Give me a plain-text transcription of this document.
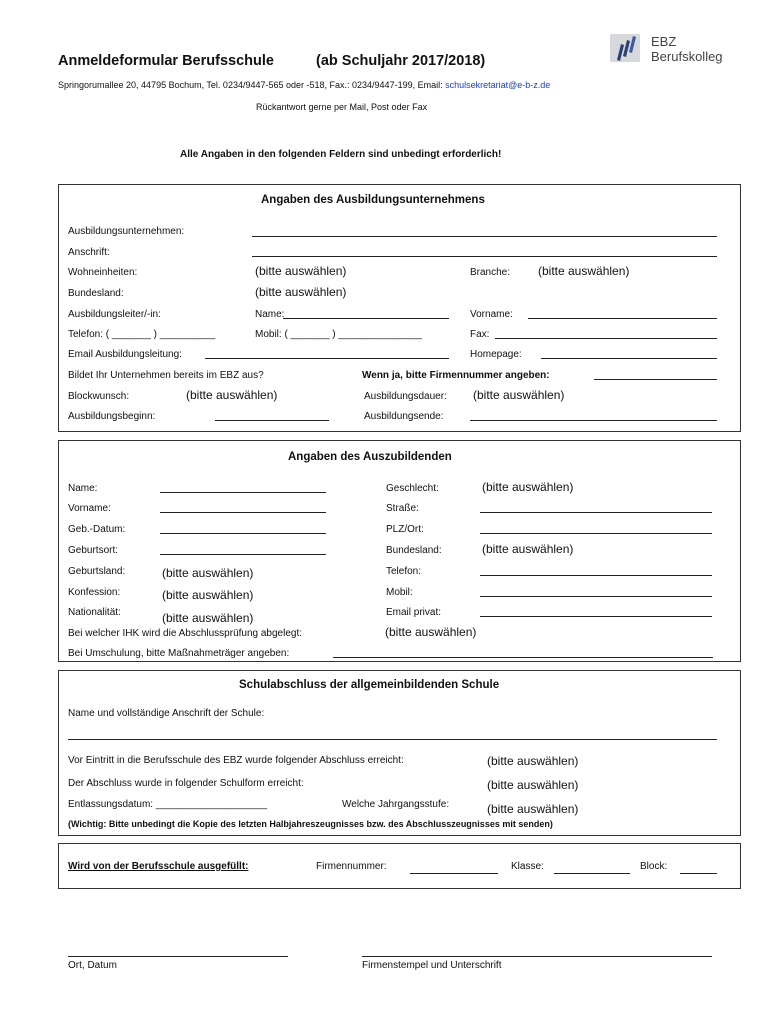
Anmeldeformular Berufsschule	(ab Schuljahr 2017/2018)
EBZ
Berufskolleg
Springorumallee 20, 44795 Bochum, Tel. 0234/9447-565 oder -518, Fax.: 0234/9447-199, Email: schulsekretariat@e-b-z.de
Rückantwort gerne per Mail, Post oder Fax
Alle Angaben in den folgenden Feldern sind unbedingt erforderlich!
Angaben des Ausbildungsunternehmens
Ausbildungsunternehmen:
Anschrift:
Wohneinheiten:	(bitte auswählen)	Branche: (bitte auswählen)
Bundesland:	(bitte auswählen)
Ausbildungsleiter/-in:	Name:	Vorname:
Telefon: ( _______ ) __________	Mobil: ( _______ ) _______________	Fax:
Email Ausbildungsleitung:	Homepage:
Bildet Ihr Unternehmen bereits im EBZ aus?	Wenn ja, bitte Firmennummer angeben:
Blockwunsch:	(bitte auswählen)	Ausbildungsdauer: (bitte auswählen)
Ausbildungsbeginn:	Ausbildungsende:
Angaben des Auszubildenden
Name:	Geschlecht:	(bitte auswählen)
Vorname:	Straße:
Geb.-Datum:	PLZ/Ort:
Geburtsort:	Bundesland:	(bitte auswählen)
Geburtsland:	(bitte auswählen)	Telefon:
Konfession:	(bitte auswählen)	Mobil:
Nationalität:	(bitte auswählen)	Email privat:
Bei welcher IHK wird die Abschlussprüfung abgelegt:	(bitte auswählen)
Bei Umschulung, bitte Maßnahmeträger angeben:
Schulabschluss der allgemeinbildenden Schule
Name und vollständige Anschrift der Schule:
Vor Eintritt in die Berufsschule des EBZ wurde folgender Abschluss erreicht:	(bitte auswählen)
Der Abschluss wurde in folgender Schulform erreicht:	(bitte auswählen)
Entlassungsdatum: ____________________	Welche Jahrgangsstufe:	(bitte auswählen)
(Wichtig: Bitte unbedingt die Kopie des letzten Halbjahreszeugnisses bzw. des Abschlusszeugnisses mit senden)
Wird von der Berufsschule ausgefüllt:	Firmennummer:	Klasse:	Block:
Ort, Datum	Firmenstempel und Unterschrift
